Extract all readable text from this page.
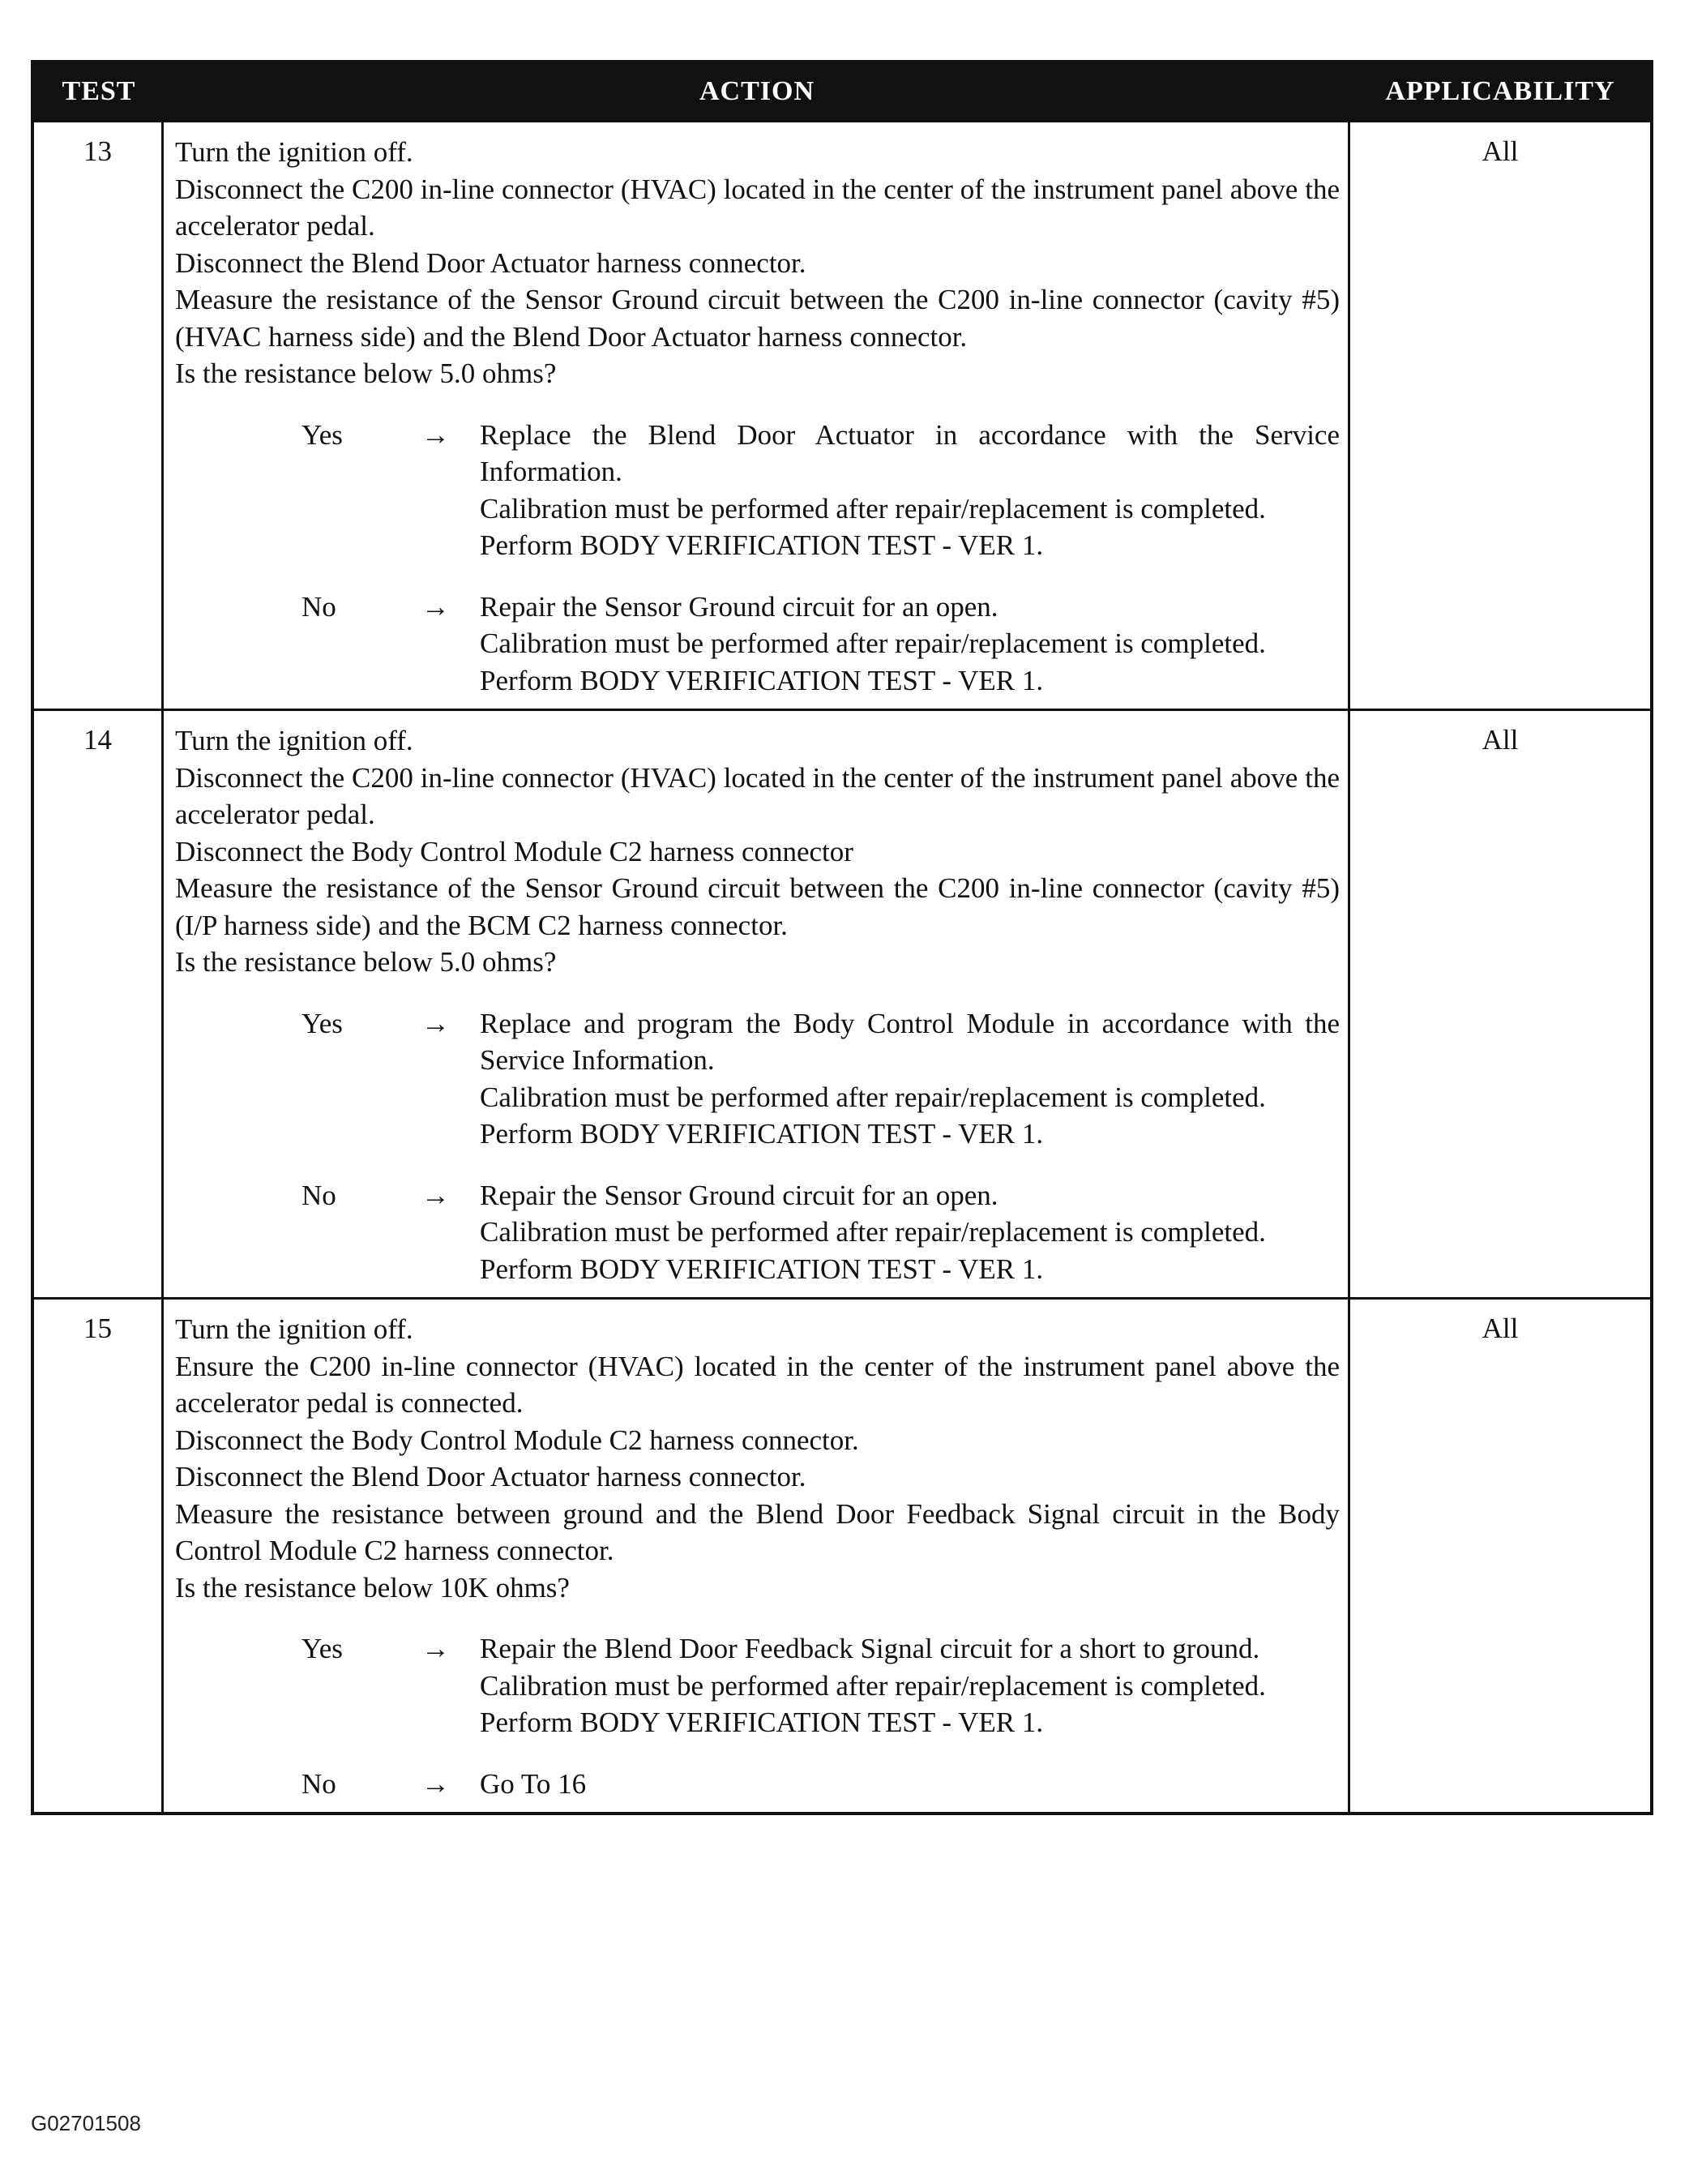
TEST	ACTION	APPLICABILITY
13	Turn the ignition off.

Disconnect the C200 in-line connector (HVAC) located in the center of the instrument panel above the accelerator pedal.

Disconnect the Blend Door Actuator harness connector.

Measure the resistance of the Sensor Ground circuit between the C200 in-line connector (cavity #5) (HVAC harness side) and the Blend Door Actuator harness connector.

Is the resistance below 5.0 ohms?

Yes	→	Replace the Blend Door Actuator in accordance with the Service Information.
Calibration must be performed after repair/replacement is completed.
Perform BODY VERIFICATION TEST - VER 1.
No	→	Repair the Sensor Ground circuit for an open.
Calibration must be performed after repair/replacement is completed.
Perform BODY VERIFICATION TEST - VER 1.
All
14	Turn the ignition off.

Disconnect the C200 in-line connector (HVAC) located in the center of the instrument panel above the accelerator pedal.

Disconnect the Body Control Module C2 harness connector

Measure the resistance of the Sensor Ground circuit between the C200 in-line connector (cavity #5) (I/P harness side) and the BCM C2 harness connector.

Is the resistance below 5.0 ohms?

Yes	→	Replace and program the Body Control Module in accordance with the Service Information.
Calibration must be performed after repair/replacement is completed.
Perform BODY VERIFICATION TEST - VER 1.
No	→	Repair the Sensor Ground circuit for an open.
Calibration must be performed after repair/replacement is completed.
Perform BODY VERIFICATION TEST - VER 1.
All
15	Turn the ignition off.

Ensure the C200 in-line connector (HVAC) located in the center of the instrument panel above the accelerator pedal is connected.

Disconnect the Body Control Module C2 harness connector.

Disconnect the Blend Door Actuator harness connector.

Measure the resistance between ground and the Blend Door Feedback Signal circuit in the Body Control Module C2 harness connector.

Is the resistance below 10K ohms?

Yes	→	Repair the Blend Door Feedback Signal circuit for a short to ground.
Calibration must be performed after repair/replacement is completed.
Perform BODY VERIFICATION TEST - VER 1.
No	→	Go To 16
All
G02701508
